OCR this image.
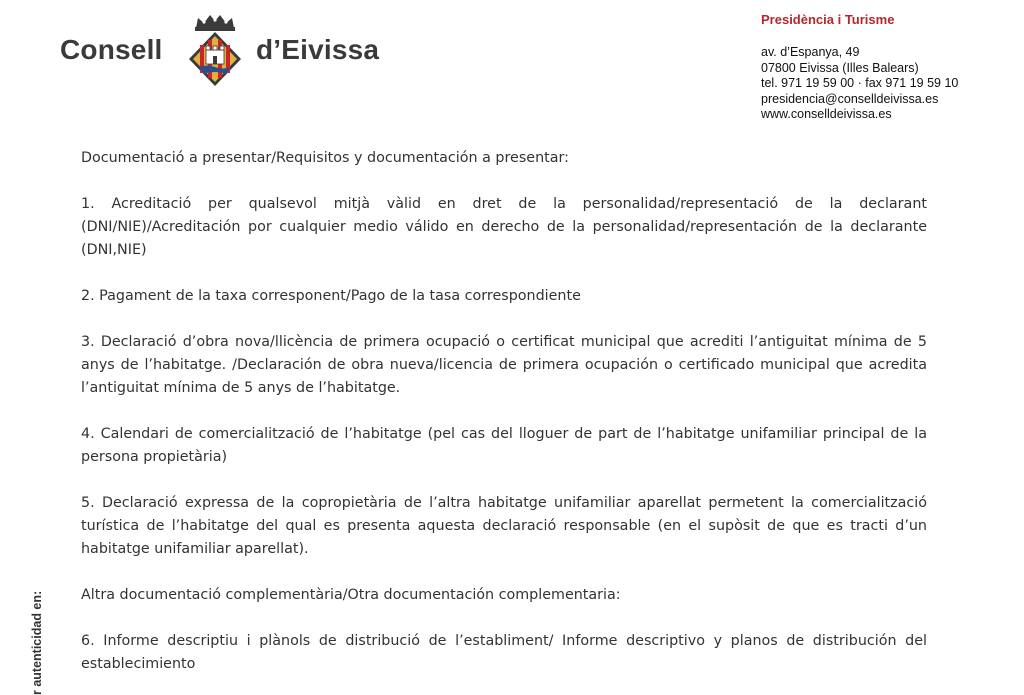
Consell	d’Eivissa
Presidència i Turisme
av. d’Espanya, 49
07800 Eivissa (Illes Balears)
tel. 971 19 59 00 · fax 971 19 59 10
presidencia@conselldeivissa.es
www.conselldeivissa.es
Documentació a presentar/Requisitos y documentación a presentar:
1. Acreditació per qualsevol mitjà vàlid en dret de la personalidad/representació de la declarant (DNI/NIE)/Acreditación por cualquier medio válido en derecho de la personalidad/representación de la declarante (DNI,NIE)
2. Pagament de la taxa corresponent/Pago de la tasa correspondiente
3. Declaració d’obra nova/llicència de primera ocupació o certificat municipal que acrediti l’antiguitat mínima de 5 anys de l’habitatge. /Declaración de obra nueva/licencia de primera ocupación o certificado municipal que acredita l’antiguitat mínima de 5 anys de l’habitatge.
4. Calendari de comercialització de l’habitatge (pel cas del lloguer de part de l’habitatge unifamiliar principal de la persona propietària)
5. Declaració expressa de la copropietària de l’altra habitatge unifamiliar aparellat permetent la comercialització turística de l’habitatge del qual es presenta aquesta declaració responsable (en el supòsit de que es tracti d’un habitatge unifamiliar aparellat).
Altra documentació complementària/Otra documentación complementaria:
6. Informe descriptiu i plànols de distribució de l’establiment/ Informe descriptivo y planos de distribución del establecimiento
r autenticidad en:
